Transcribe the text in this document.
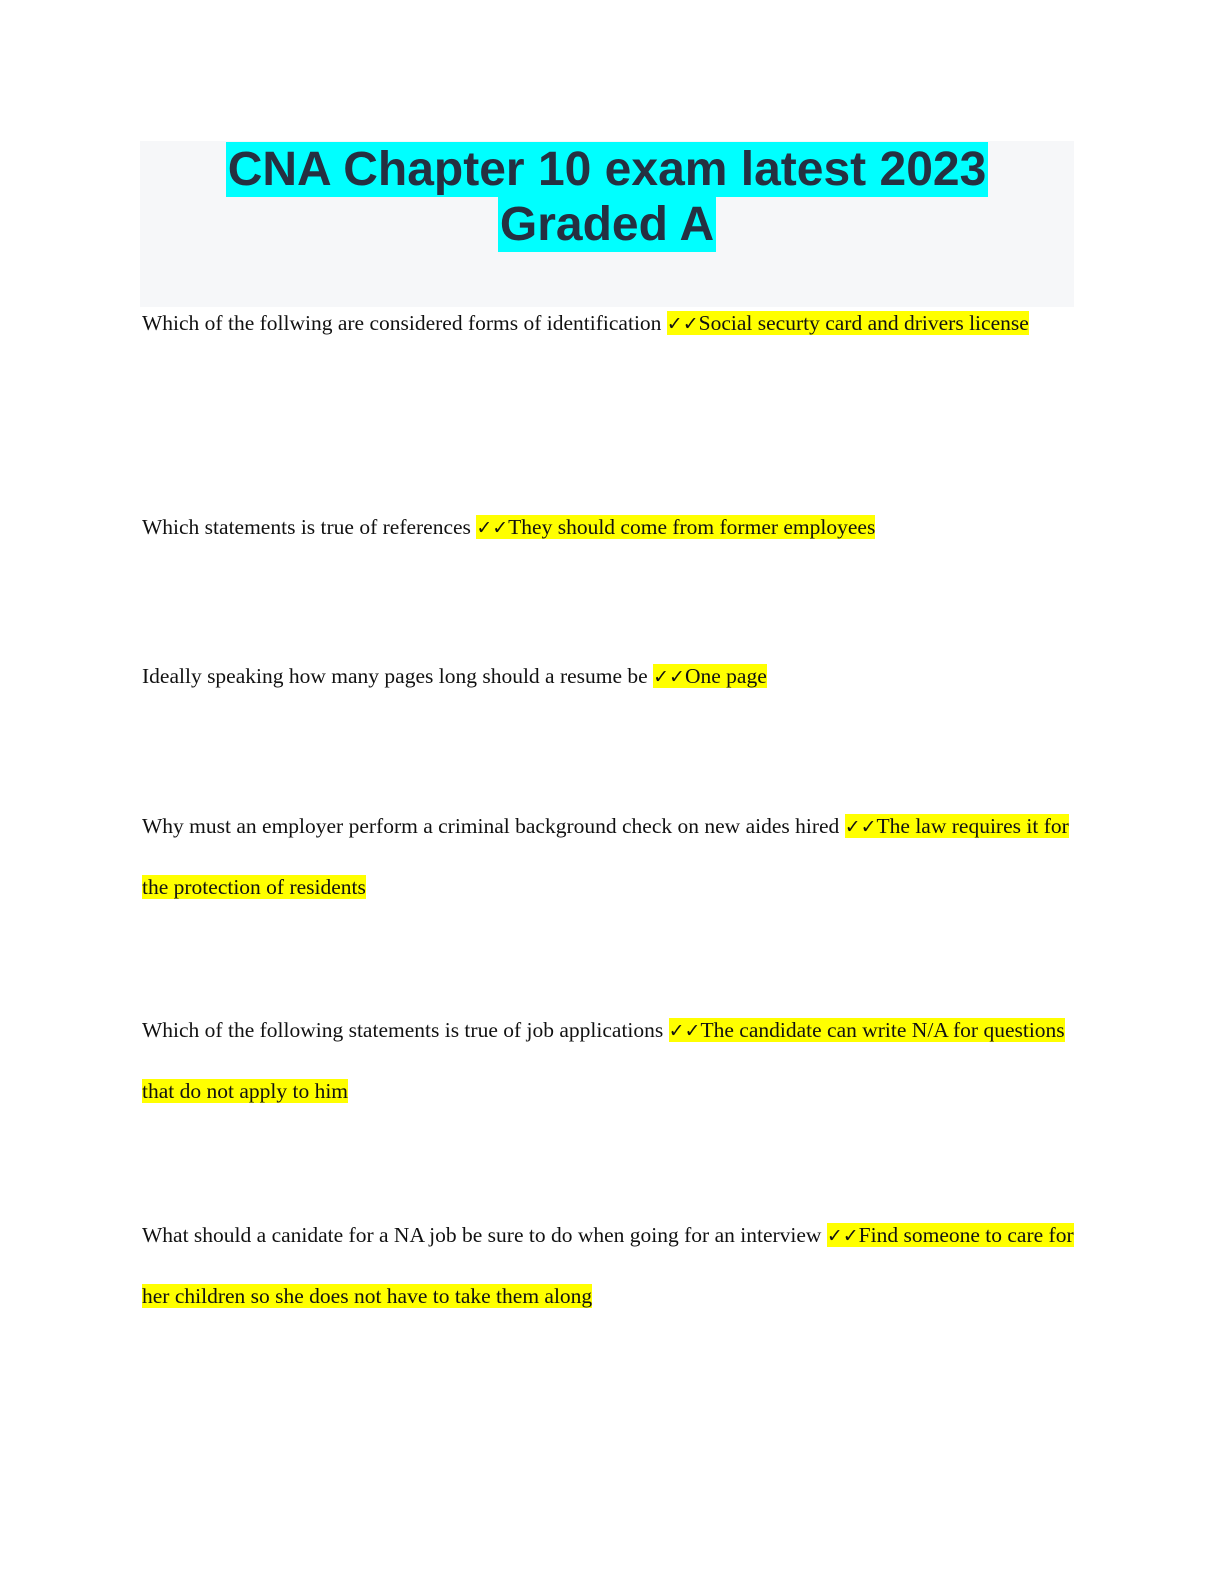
CNA Chapter 10 exam latest 2023
Graded A

Which of the follwing are considered forms of identification ✓✓Social securty card and drivers license

Which statements is true of references ✓✓They should come from former employees

Ideally speaking how many pages long should a resume be ✓✓One page

Why must an employer perform a criminal background check on new aides hired ✓✓The law requires it for the protection of residents

Which of the following statements is true of job applications ✓✓The candidate can write N/A for questions that do not apply to him

What should a canidate for a NA job be sure to do when going for an interview ✓✓Find someone to care for her children so she does not have to take them along
